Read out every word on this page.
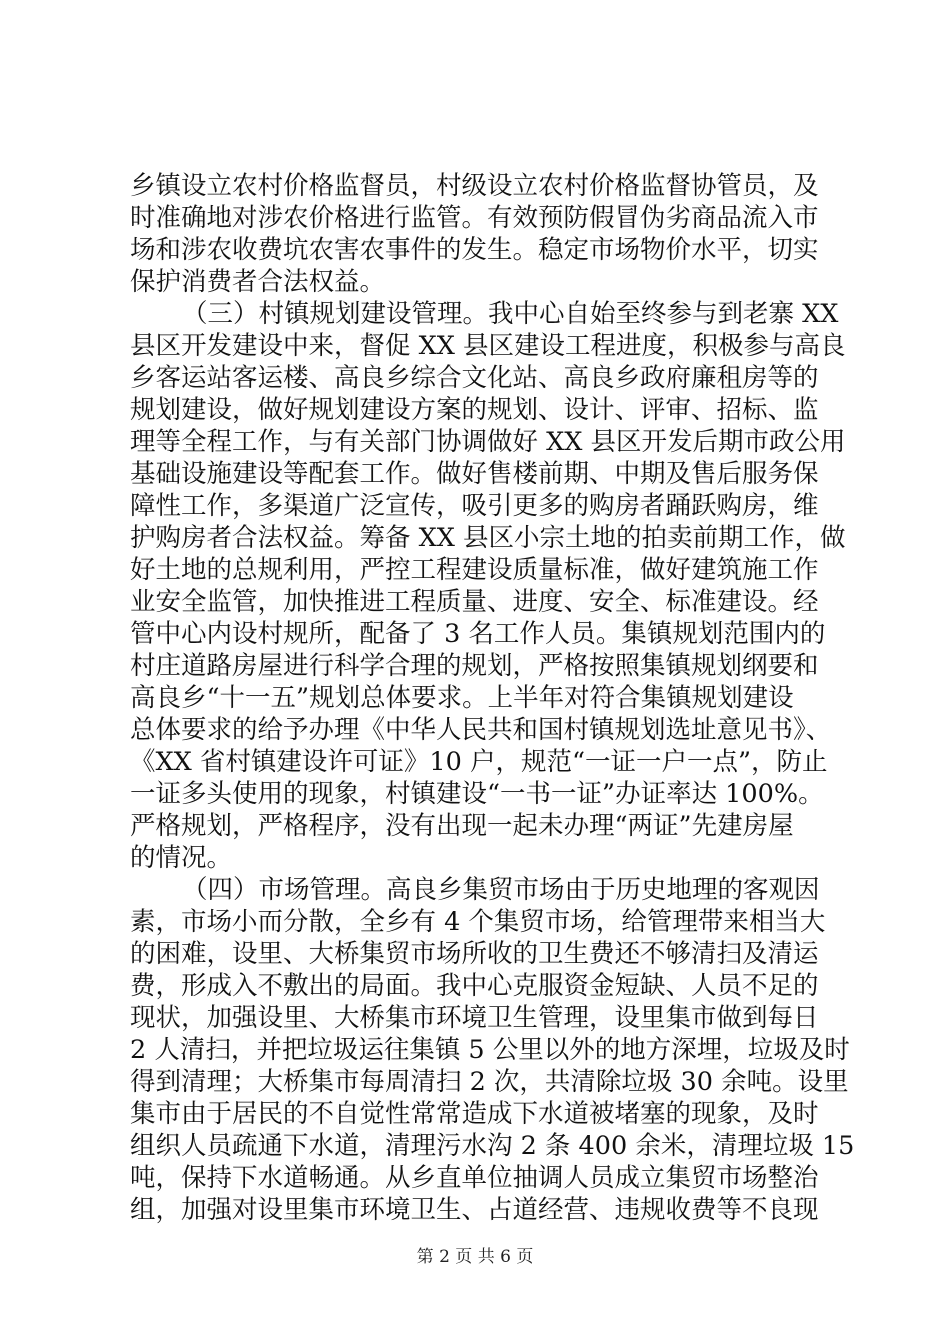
乡镇设立农村价格监督员，村级设立农村价格监督协管员，及
时准确地对涉农价格进行监管。有效预防假冒伪劣商品流入市
场和涉农收费坑农害农事件的发生。稳定市场物价水平，切实
保护消费者合法权益。
（三）村镇规划建设管理。我中心自始至终参与到老寨 XX
县区开发建设中来，督促 XX 县区建设工程进度，积极参与高良
乡客运站客运楼、高良乡综合文化站、高良乡政府廉租房等的
规划建设，做好规划建设方案的规划、设计、评审、招标、监
理等全程工作，与有关部门协调做好 XX 县区开发后期市政公用
基础设施建设等配套工作。做好售楼前期、中期及售后服务保
障性工作，多渠道广泛宣传，吸引更多的购房者踊跃购房，维
护购房者合法权益。筹备 XX 县区小宗土地的拍卖前期工作，做
好土地的总规利用，严控工程建设质量标准，做好建筑施工作
业安全监管，加快推进工程质量、进度、安全、标准建设。经
管中心内设村规所，配备了 3 名工作人员。集镇规划范围内的
村庄道路房屋进行科学合理的规划，严格按照集镇规划纲要和
高良乡“十一五”规划总体要求。上半年对符合集镇规划建设
总体要求的给予办理《中华人民共和国村镇规划选址意见书》、
《XX 省村镇建设许可证》10 户，规范“一证一户一点”，防止
一证多头使用的现象，村镇建设“一书一证”办证率达 100%。
严格规划，严格程序，没有出现一起未办理“两证”先建房屋
的情况。
（四）市场管理。高良乡集贸市场由于历史地理的客观因
素，市场小而分散，全乡有 4 个集贸市场，给管理带来相当大
的困难，设里、大桥集贸市场所收的卫生费还不够清扫及清运
费，形成入不敷出的局面。我中心克服资金短缺、人员不足的
现状，加强设里、大桥集市环境卫生管理，设里集市做到每日
2 人清扫，并把垃圾运往集镇 5 公里以外的地方深埋，垃圾及时
得到清理；大桥集市每周清扫 2 次，共清除垃圾 30 余吨。设里
集市由于居民的不自觉性常常造成下水道被堵塞的现象，及时
组织人员疏通下水道，清理污水沟 2 条 400 余米，清理垃圾 15
吨，保持下水道畅通。从乡直单位抽调人员成立集贸市场整治
组，加强对设里集市环境卫生、占道经营、违规收费等不良现
第 2 页 共 6 页
